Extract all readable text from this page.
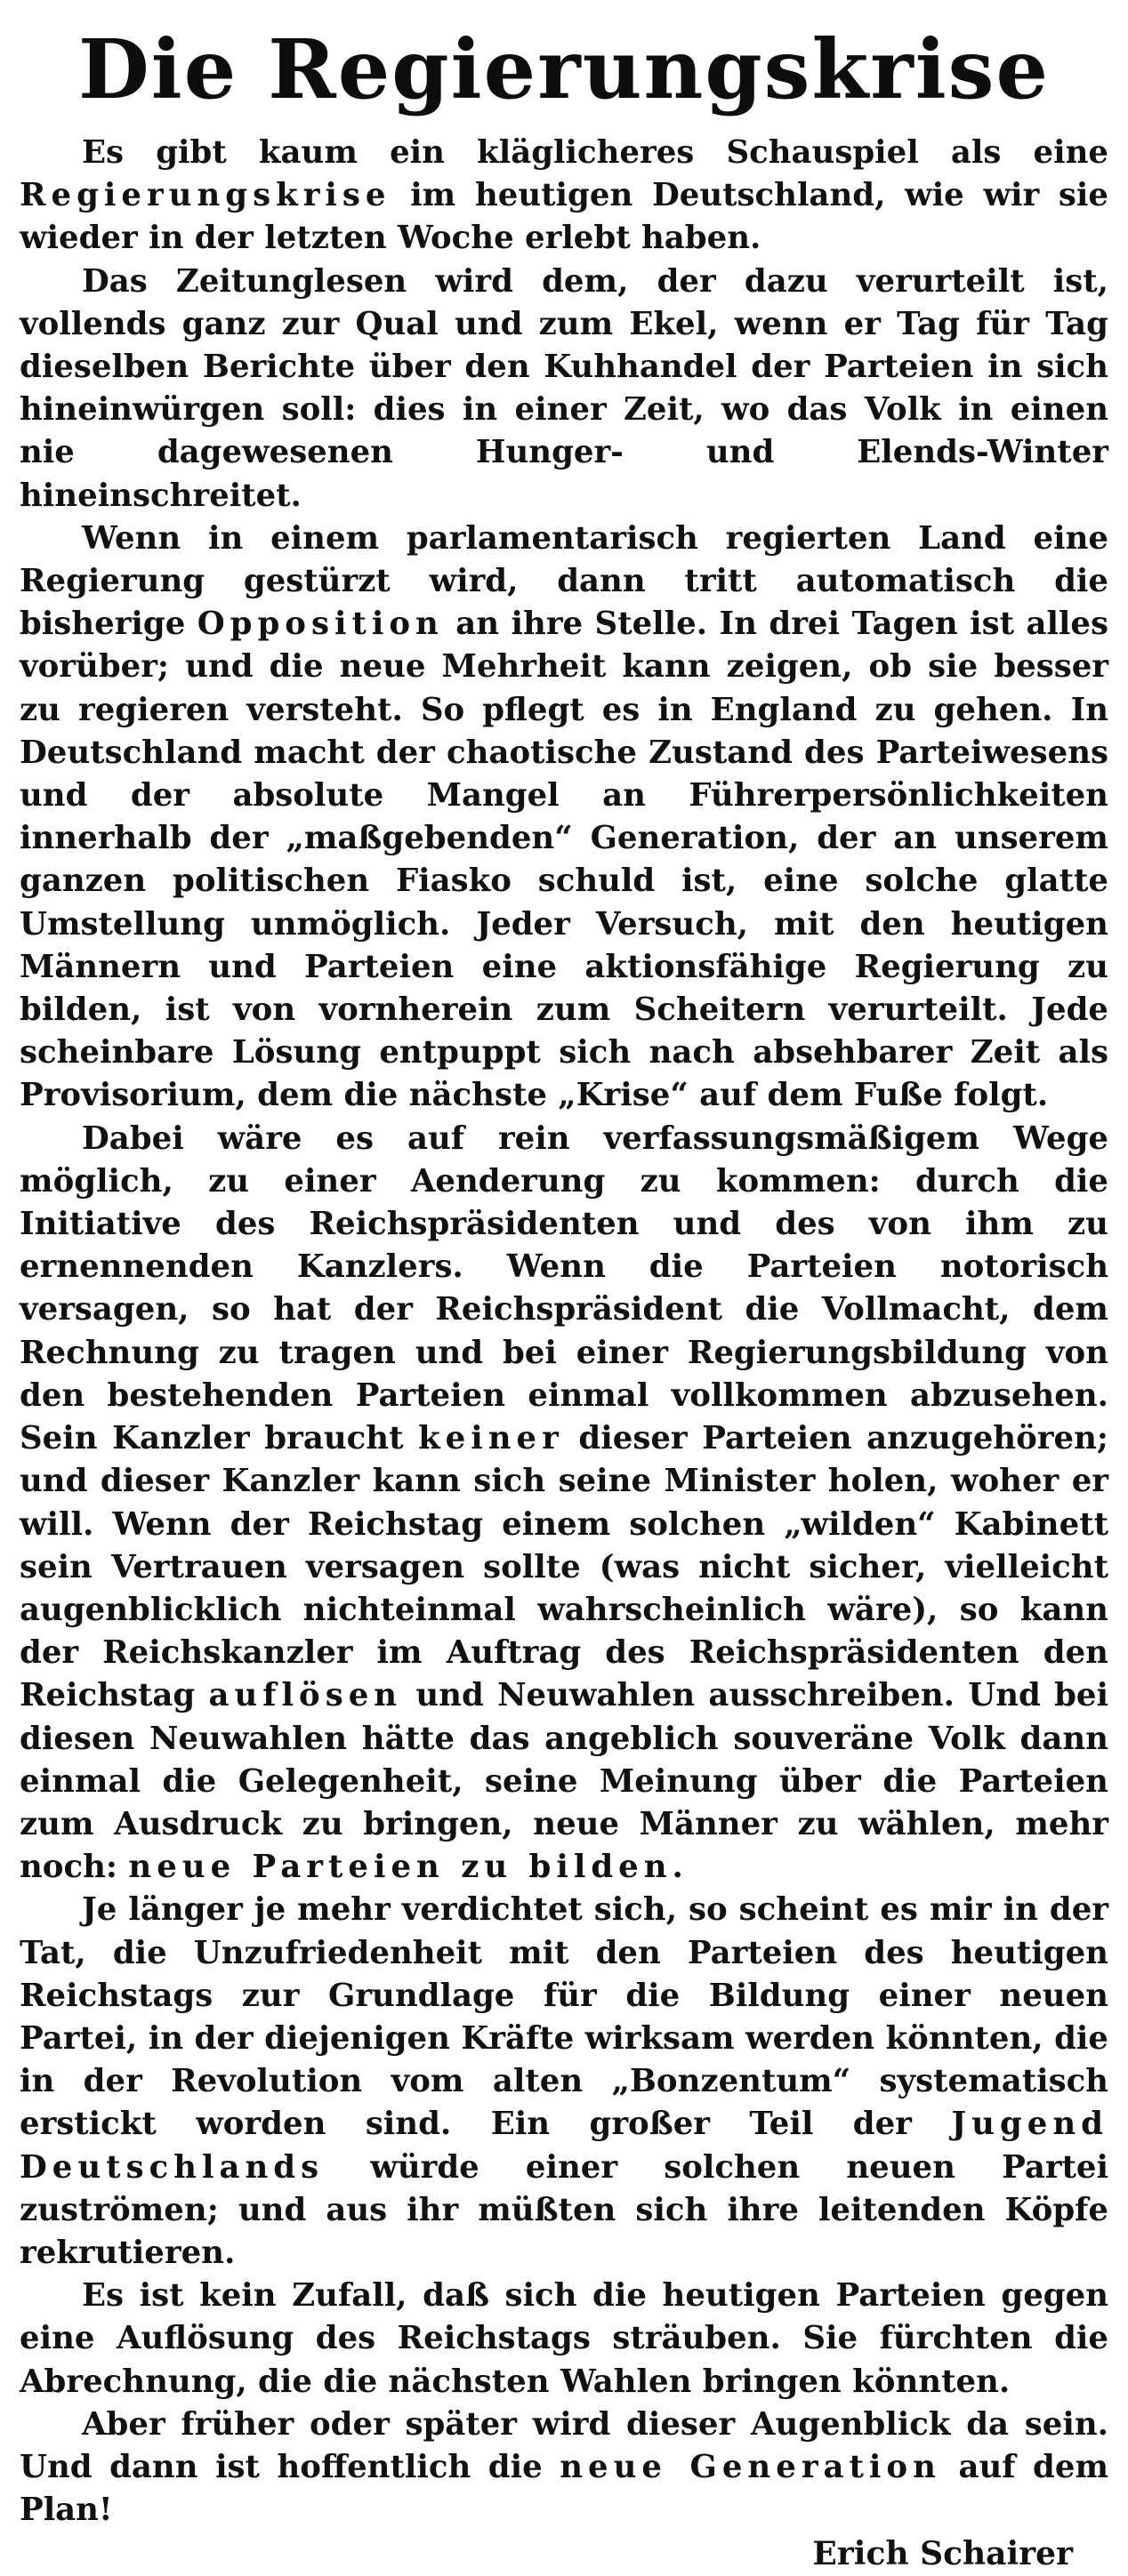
Die Regierungskrise

Es gibt kaum ein kläglicheres Schauspiel als eine Regierungskrise im heutigen Deutschland, wie wir sie wieder in der letzten Woche erlebt haben.

Das Zeitunglesen wird dem, der dazu verurteilt ist, vollends ganz zur Qual und zum Ekel, wenn er Tag für Tag dieselben Berichte über den Kuhhandel der Parteien in sich hineinwürgen soll: dies in einer Zeit, wo das Volk in einen nie dagewesenen Hunger- und Elends-Winter hineinschreitet.

Wenn in einem parlamentarisch regierten Land eine Regierung gestürzt wird, dann tritt automatisch die bisherige Opposition an ihre Stelle. In drei Tagen ist alles vorüber; und die neue Mehrheit kann zeigen, ob sie besser zu regieren versteht. So pflegt es in England zu gehen. In Deutschland macht der chaotische Zustand des Parteiwesens und der absolute Mangel an Führerpersönlichkeiten innerhalb der „maßgebenden“ Generation, der an unserem ganzen politischen Fiasko schuld ist, eine solche glatte Umstellung unmöglich. Jeder Versuch, mit den heutigen Männern und Parteien eine aktionsfähige Regierung zu bilden, ist von vornherein zum Scheitern verurteilt. Jede scheinbare Lösung entpuppt sich nach absehbarer Zeit als Provisorium, dem die nächste „Krise“ auf dem Fuße folgt.

Dabei wäre es auf rein verfassungsmäßigem Wege möglich, zu einer Aenderung zu kommen: durch die Initiative des Reichspräsidenten und des von ihm zu ernennenden Kanzlers. Wenn die Parteien notorisch versagen, so hat der Reichspräsident die Vollmacht, dem Rechnung zu tragen und bei einer Regierungsbildung von den bestehenden Parteien einmal vollkommen abzusehen. Sein Kanzler braucht keiner dieser Parteien anzugehören; und dieser Kanzler kann sich seine Minister holen, woher er will. Wenn der Reichstag einem solchen „wilden“ Kabinett sein Vertrauen versagen sollte (was nicht sicher, vielleicht augenblicklich nichteinmal wahrscheinlich wäre), so kann der Reichskanzler im Auftrag des Reichspräsidenten den Reichstag auflösen und Neuwahlen ausschreiben. Und bei diesen Neuwahlen hätte das angeblich souveräne Volk dann einmal die Gelegenheit, seine Meinung über die Parteien zum Ausdruck zu bringen, neue Männer zu wählen, mehr noch: neue Parteien zu bilden.

Je länger je mehr verdichtet sich, so scheint es mir in der Tat, die Unzufriedenheit mit den Parteien des heutigen Reichstags zur Grundlage für die Bildung einer neuen Partei, in der diejenigen Kräfte wirksam werden könnten, die in der Revolution vom alten „Bonzentum“ systematisch erstickt worden sind. Ein großer Teil der Jugend Deutschlands würde einer solchen neuen Partei zuströmen; und aus ihr müßten sich ihre leitenden Köpfe rekrutieren.

Es ist kein Zufall, daß sich die heutigen Parteien gegen eine Auflösung des Reichstags sträuben. Sie fürchten die Abrechnung, die die nächsten Wahlen bringen könnten.

Aber früher oder später wird dieser Augenblick da sein. Und dann ist hoffentlich die neue Generation auf dem Plan!

Erich Schairer
